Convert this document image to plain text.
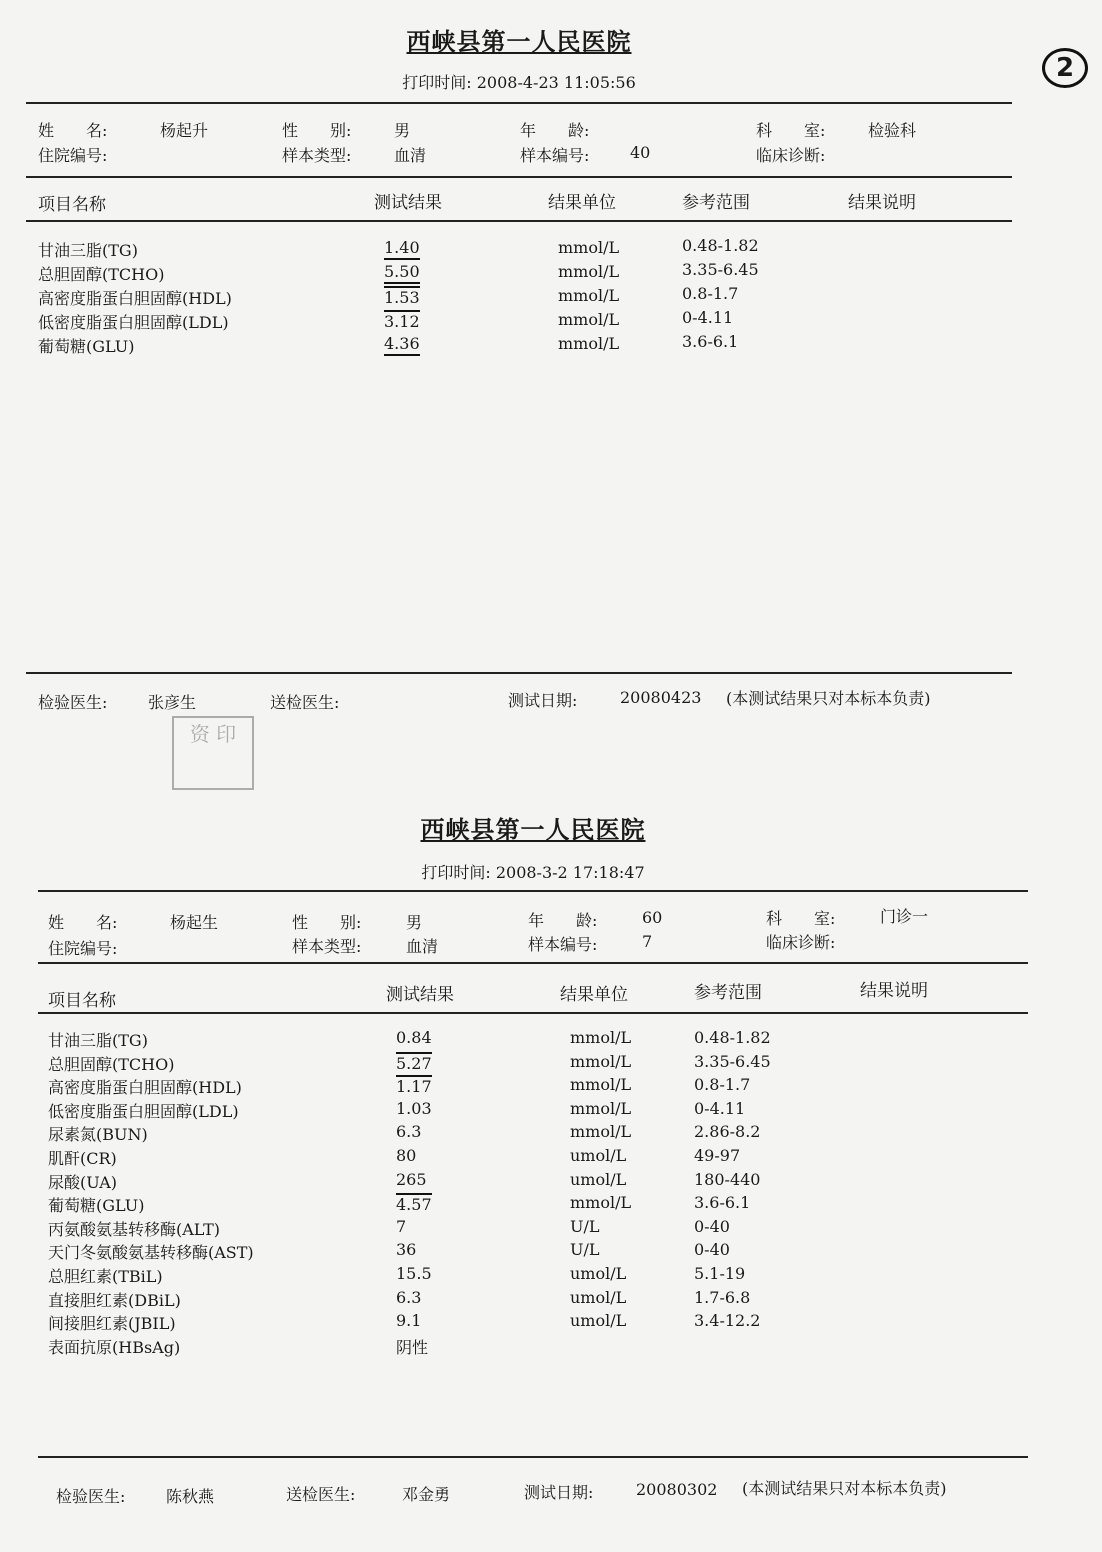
2
西峡县第一人民医院
打印时间: 2008-4-23 11:05:56
姓　　名:	杨起升	性　　别:	男	年　　龄:	科　　室:	检验科
住院编号:	样本类型:	血清	样本编号:	40	临床诊断:
项目名称	测试结果	结果单位	参考范围	结果说明
甘油三脂(TG)	1.40	mmol/L	0.48-1.82
总胆固醇(TCHO)	5.50	mmol/L	3.35-6.45
高密度脂蛋白胆固醇(HDL)	1.53	mmol/L	0.8-1.7
低密度脂蛋白胆固醇(LDL)	3.12	mmol/L	0-4.11
葡萄糖(GLU)	4.36	mmol/L	3.6-6.1
检验医生:	张彦生	送检医生:	测试日期:	20080423 (本测试结果只对本标本负责)
资 印
西峡县第一人民医院
打印时间: 2008-3-2 17:18:47
姓　　名:	杨起生	性　　别:	男	年　　龄:	60	科　　室:	门诊一
住院编号:	样本类型:	血清	样本编号:	7	临床诊断:
项目名称	测试结果	结果单位	参考范围	结果说明
甘油三脂(TG)	0.84	mmol/L	0.48-1.82
总胆固醇(TCHO)	5.27	mmol/L	3.35-6.45
高密度脂蛋白胆固醇(HDL)	1.17	mmol/L	0.8-1.7
低密度脂蛋白胆固醇(LDL)	1.03	mmol/L	0-4.11
尿素氮(BUN)	6.3	mmol/L	2.86-8.2
肌酐(CR)	80	umol/L	49-97
尿酸(UA)	265	umol/L	180-440
葡萄糖(GLU)	4.57	mmol/L	3.6-6.1
丙氨酸氨基转移酶(ALT)	7	U/L	0-40
天门冬氨酸氨基转移酶(AST)	36	U/L	0-40
总胆红素(TBiL)	15.5	umol/L	5.1-19
直接胆红素(DBiL)	6.3	umol/L	1.7-6.8
间接胆红素(JBIL)	9.1	umol/L	3.4-12.2
表面抗原(HBsAg)	阴性
检验医生:	陈秋燕	送检医生:	邓金勇	测试日期:	20080302 (本测试结果只对本标本负责)
